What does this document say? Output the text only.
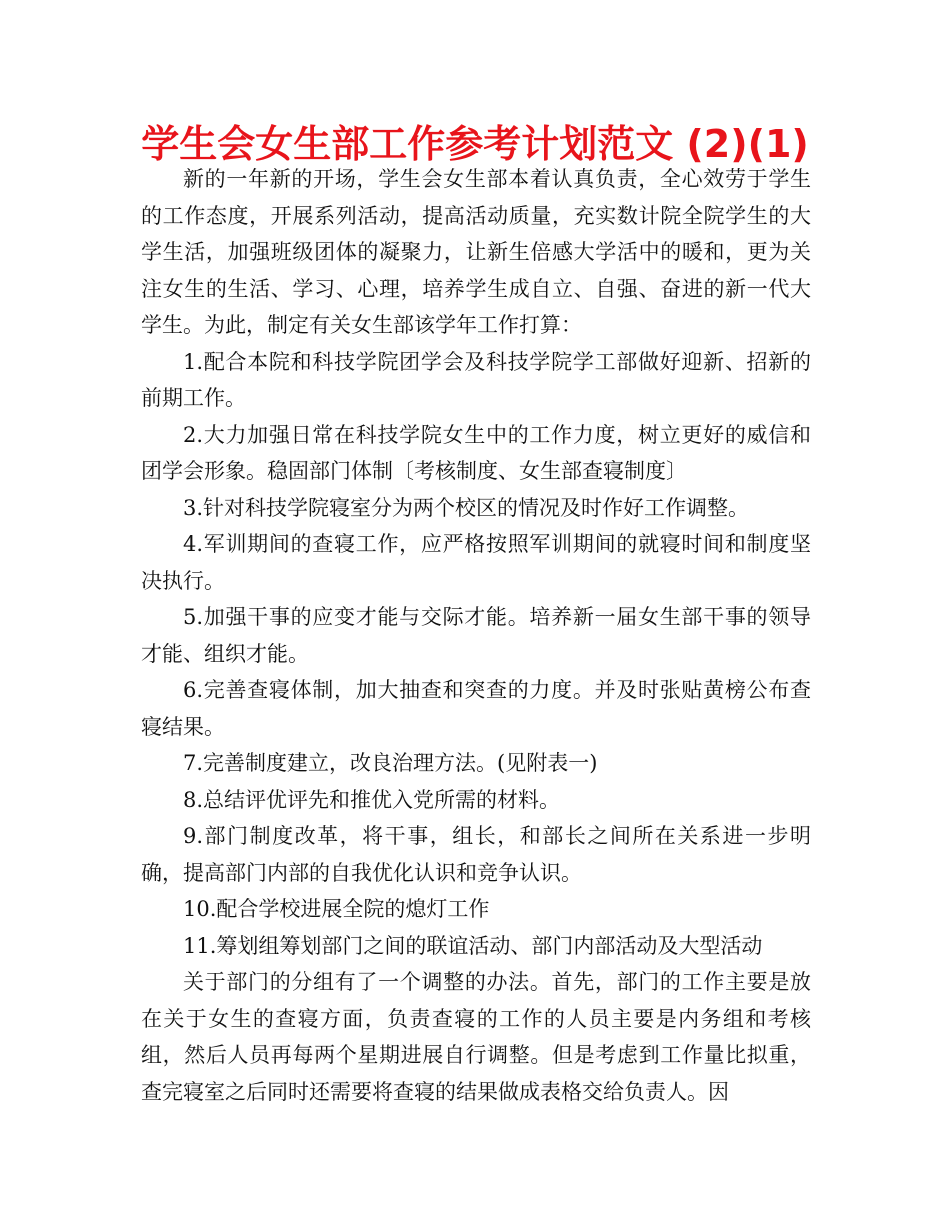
学生会女生部工作参考计划范文 (2)(1)

新的一年新的开场，学生会女生部本着认真负责，全心效劳于学生的工作态度，开展系列活动，提高活动质量，充实数计院全院学生的大学生活，加强班级团体的凝聚力，让新生倍感大学活中的暖和，更为关注女生的生活、学习、心理，培养学生成自立、自强、奋进的新一代大学生。为此，制定有关女生部该学年工作打算：

1.配合本院和科技学院团学会及科技学院学工部做好迎新、招新的前期工作。

2.大力加强日常在科技学院女生中的工作力度，树立更好的威信和团学会形象。稳固部门体制〔考核制度、女生部查寝制度〕

3.针对科技学院寝室分为两个校区的情况及时作好工作调整。

4.军训期间的查寝工作，应严格按照军训期间的就寝时间和制度坚决执行。

5.加强干事的应变才能与交际才能。培养新一届女生部干事的领导才能、组织才能。

6.完善查寝体制，加大抽查和突查的力度。并及时张贴黄榜公布查寝结果。

7.完善制度建立，改良治理方法。(见附表一)

8.总结评优评先和推优入党所需的材料。

9.部门制度改革，将干事，组长，和部长之间所在关系进一步明确，提高部门内部的自我优化认识和竞争认识。

10.配合学校进展全院的熄灯工作

11.筹划组筹划部门之间的联谊活动、部门内部活动及大型活动

关于部门的分组有了一个调整的办法。首先，部门的工作主要是放在关于女生的查寝方面，负责查寝的工作的人员主要是内务组和考核组，然后人员再每两个星期进展自行调整。但是考虑到工作量比拟重，查完寝室之后同时还需要将查寝的结果做成表格交给负责人。因
